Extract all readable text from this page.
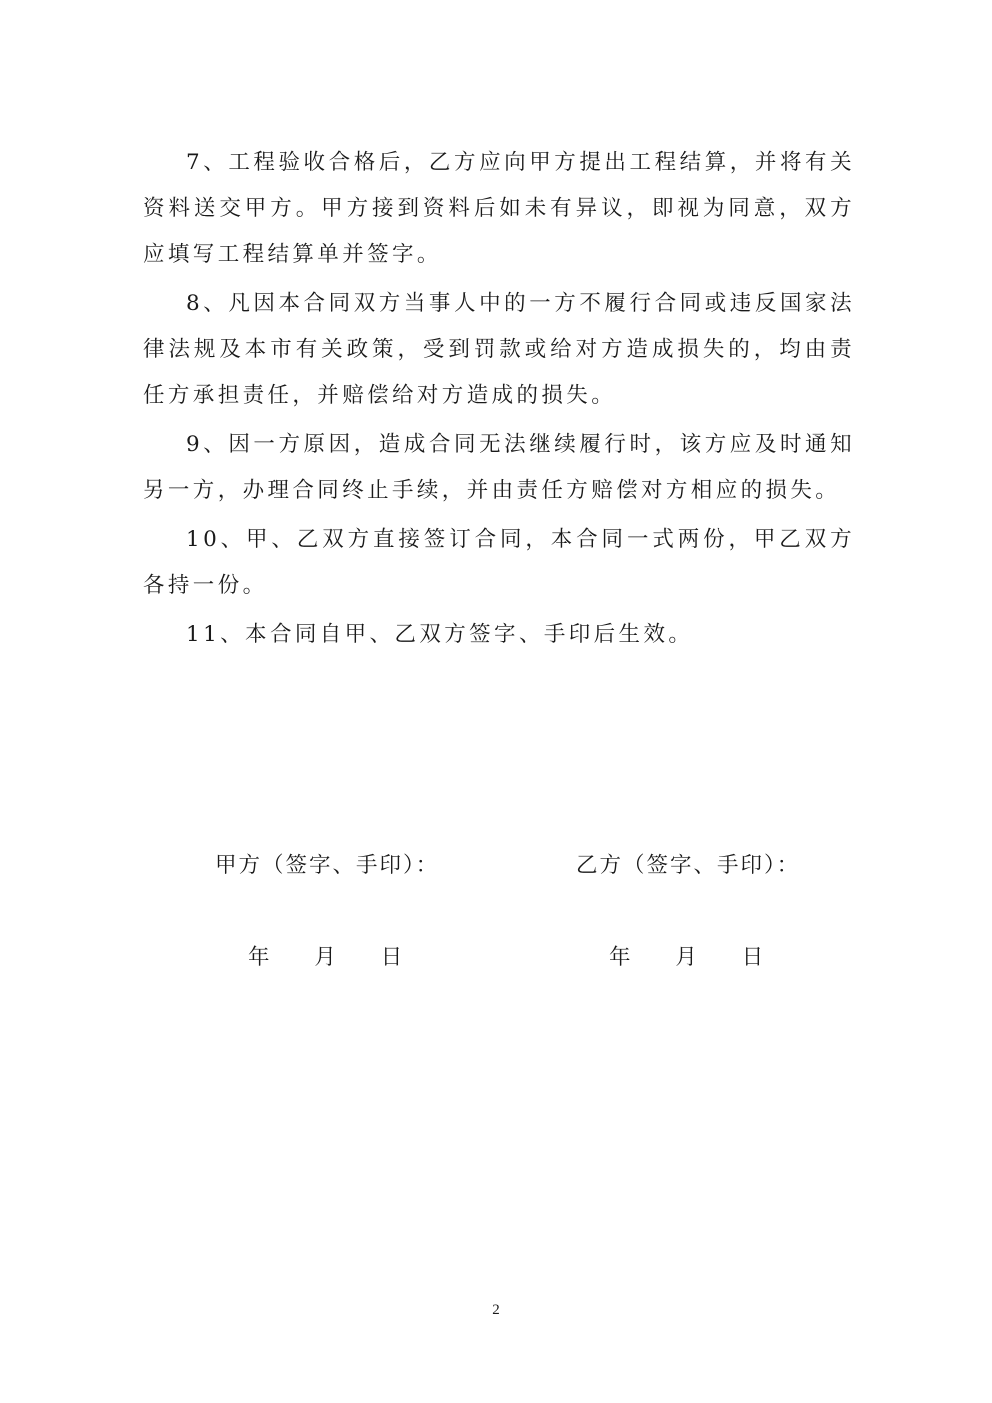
7、工程验收合格后，乙方应向甲方提出工程结算，并将有关资料送交甲方。甲方接到资料后如未有异议，即视为同意，双方应填写工程结算单并签字。

8、凡因本合同双方当事人中的一方不履行合同或违反国家法律法规及本市有关政策，受到罚款或给对方造成损失的，均由责任方承担责任，并赔偿给对方造成的损失。

9、因一方原因，造成合同无法继续履行时，该方应及时通知另一方，办理合同终止手续，并由责任方赔偿对方相应的损失。

10、甲、乙双方直接签订合同，本合同一式两份，甲乙双方各持一份。

11、本合同自甲、乙双方签字、手印后生效。

甲方（签字、手印）：	乙方（签字、手印）：
年 月 日	年 月 日
2
